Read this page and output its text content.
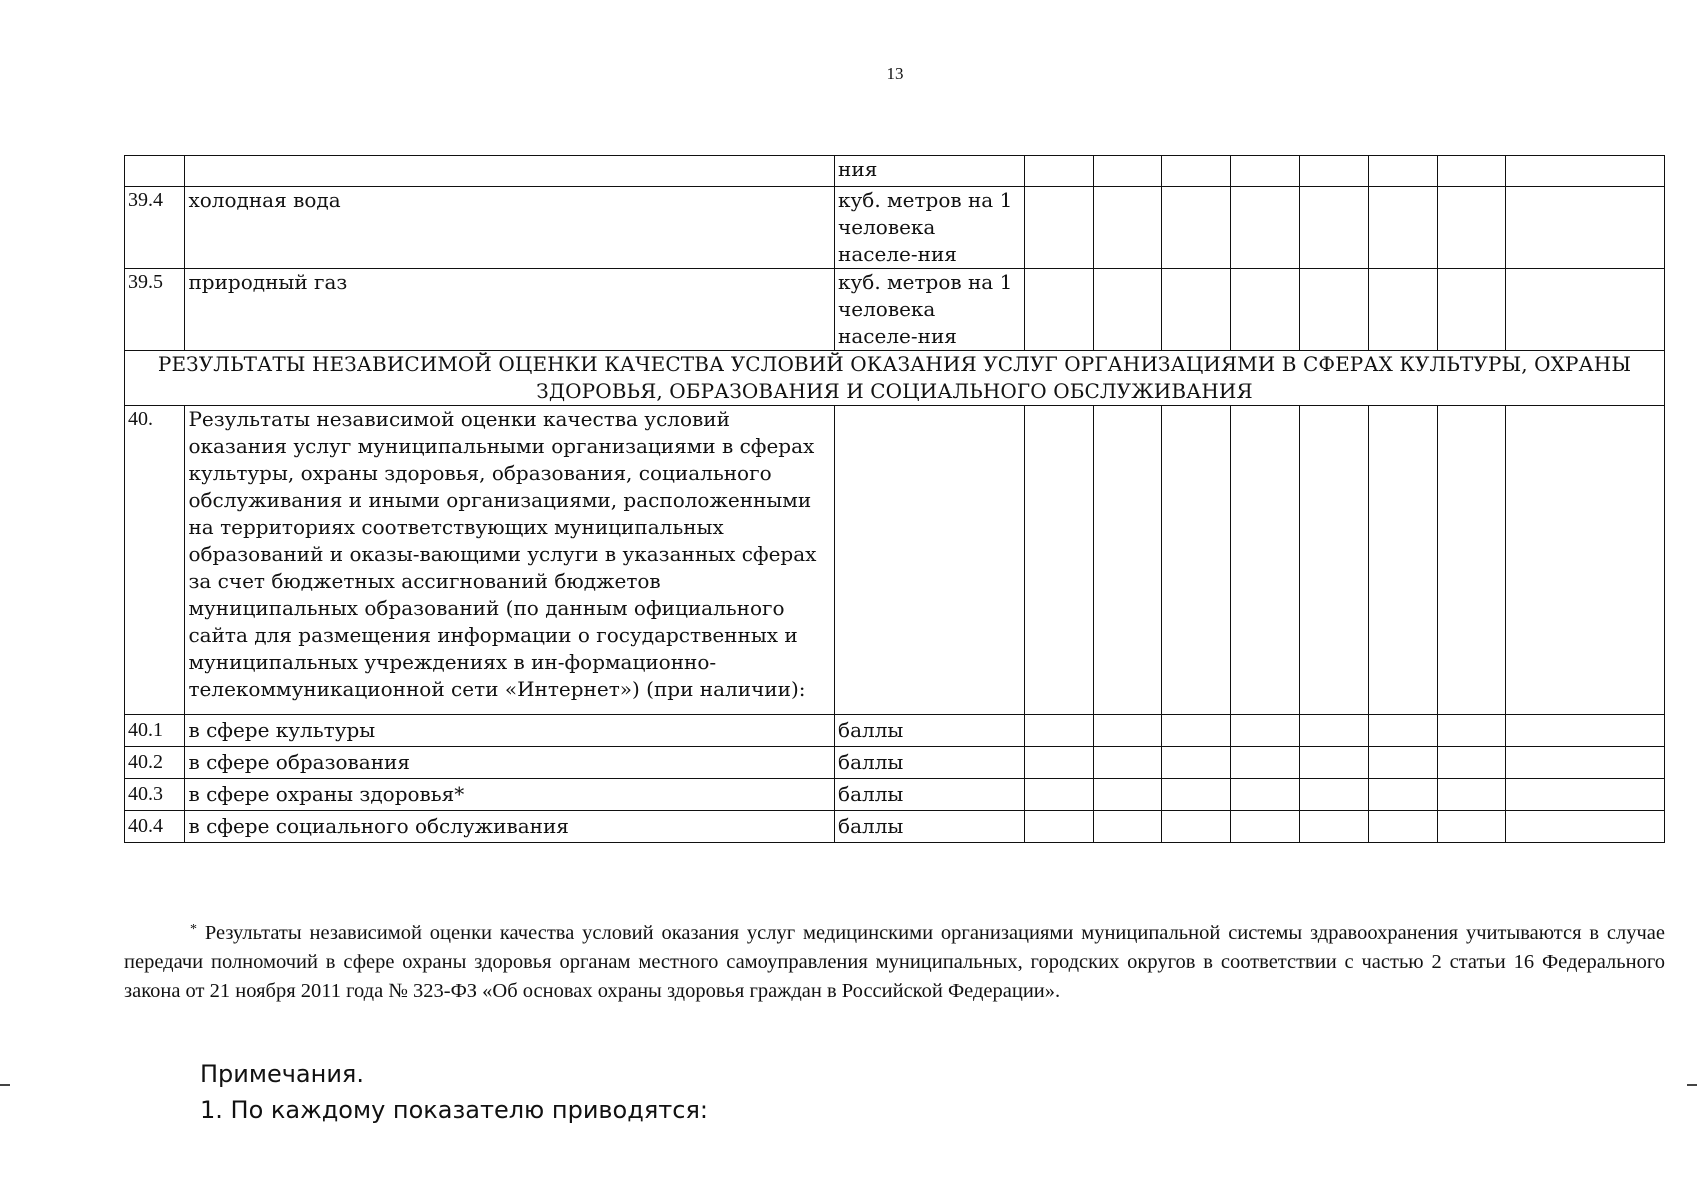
13
		ния								
39.4	холодная вода	куб. метров на 1 человека населе-ния								
39.5	природный газ	куб. метров на 1 человека населе-ния								
РЕЗУЛЬТАТЫ НЕЗАВИСИМОЙ ОЦЕНКИ КАЧЕСТВА УСЛОВИЙ ОКАЗАНИЯ УСЛУГ ОРГАНИЗАЦИЯМИ В СФЕРАХ КУЛЬТУРЫ, ОХРАНЫ ЗДОРОВЬЯ, ОБРАЗОВАНИЯ И СОЦИАЛЬНОГО ОБСЛУЖИВАНИЯ										
40.	Результаты независимой оценки качества условий оказания услуг муниципальными организациями в сферах культуры, охраны здоровья, образования, социального обслуживания и иными организациями, расположенными на территориях соответствующих муниципальных образований и оказы-вающими услуги в указанных сферах за счет бюджетных ассигнований бюджетов муниципальных образований (по данным официального сайта для размещения информации о государственных и муниципальных учреждениях в ин-формационно-телекоммуникационной сети «Интернет») (при наличии):									
40.1	в сфере культуры	баллы								
40.2	в сфере образования	баллы								
40.3	в сфере охраны здоровья*	баллы								
40.4	в сфере социального обслуживания	баллы								
* Результаты независимой оценки качества условий оказания услуг медицинскими организациями муниципальной системы здравоохранения учитываются в случае передачи полномочий в сфере охраны здоровья органам местного самоуправления муниципальных, городских округов в соответствии с частью 2 статьи 16 Федерального закона от 21 ноября 2011 года № 323-ФЗ «Об основах охраны здоровья граждан в Российской Федерации».
Примечания.
1. По каждому показателю приводятся:
